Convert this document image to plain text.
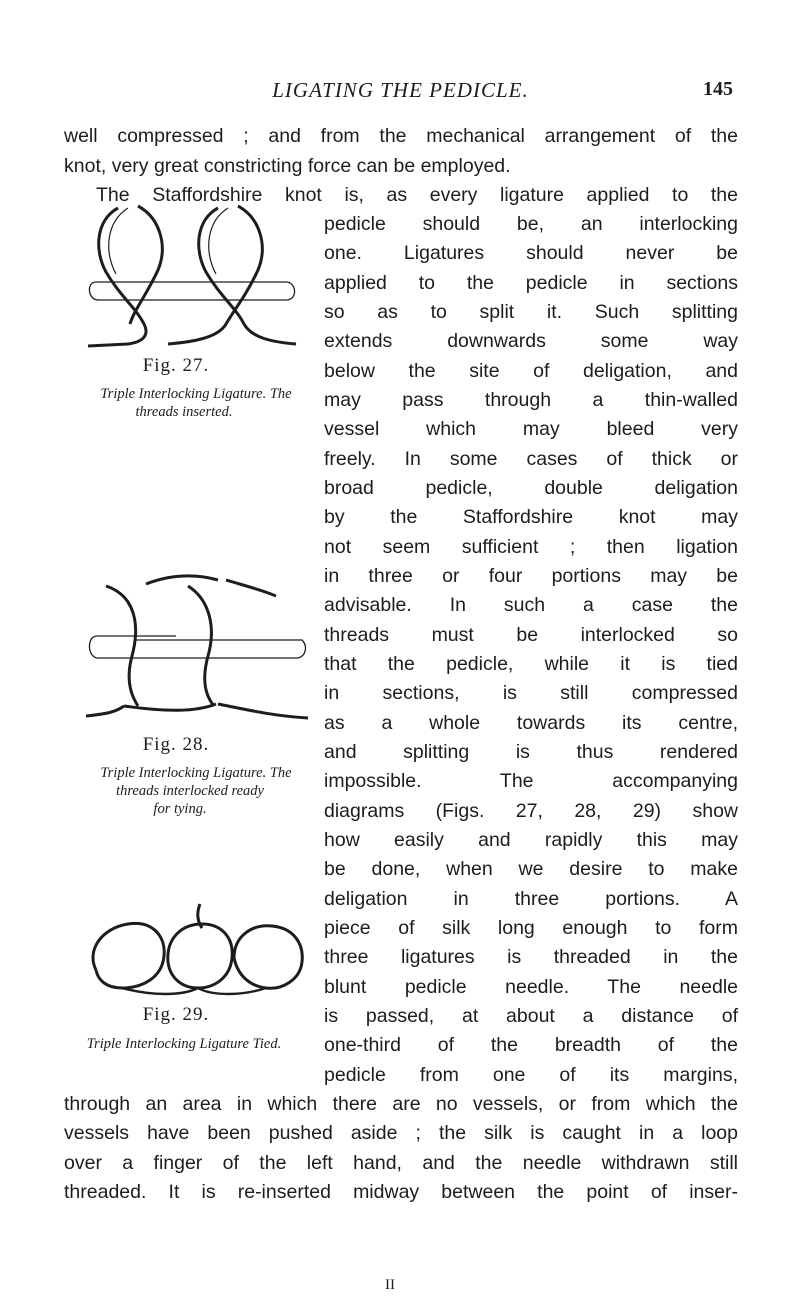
LIGATING THE PEDICLE.	145
well compressed ; and from the mechanical arrangement of the
knot, very great constricting force can be employed.
The Staffordshire knot is, as every ligature applied to the
pedicle should be, an interlocking
one. Ligatures should never be
applied to the pedicle in sections
so as to split it. Such splitting
extends downwards some way
below the site of deligation, and
may pass through a thin-walled
vessel which may bleed very
freely. In some cases of thick or
broad pedicle, double deligation
by the Staffordshire knot may
not seem sufficient ; then ligation
in three or four portions may be
advisable. In such a case the
threads must be interlocked so
that the pedicle, while it is tied
in sections, is still compressed
as a whole towards its centre,
and splitting is thus rendered
impossible. The accompanying
diagrams (Figs. 27, 28, 29) show
how easily and rapidly this may
be done, when we desire to make
deligation in three portions. A
piece of silk long enough to form
three ligatures is threaded in the
blunt pedicle needle. The needle
is passed, at about a distance of
one-third of the breadth of the
pedicle from one of its margins,
through an area in which there are no vessels, or from which the
vessels have been pushed aside ; the silk is caught in a loop
over a finger of the left hand, and the needle withdrawn still
threaded. It is re-inserted midway between the point of inser-
Fig. 27.
Triple Interlocking Ligature. The
threads inserted.
Fig. 28.
Triple Interlocking Ligature. The
threads interlocked ready
for tying.
Fig. 29.
Triple Interlocking Ligature Tied.
II
